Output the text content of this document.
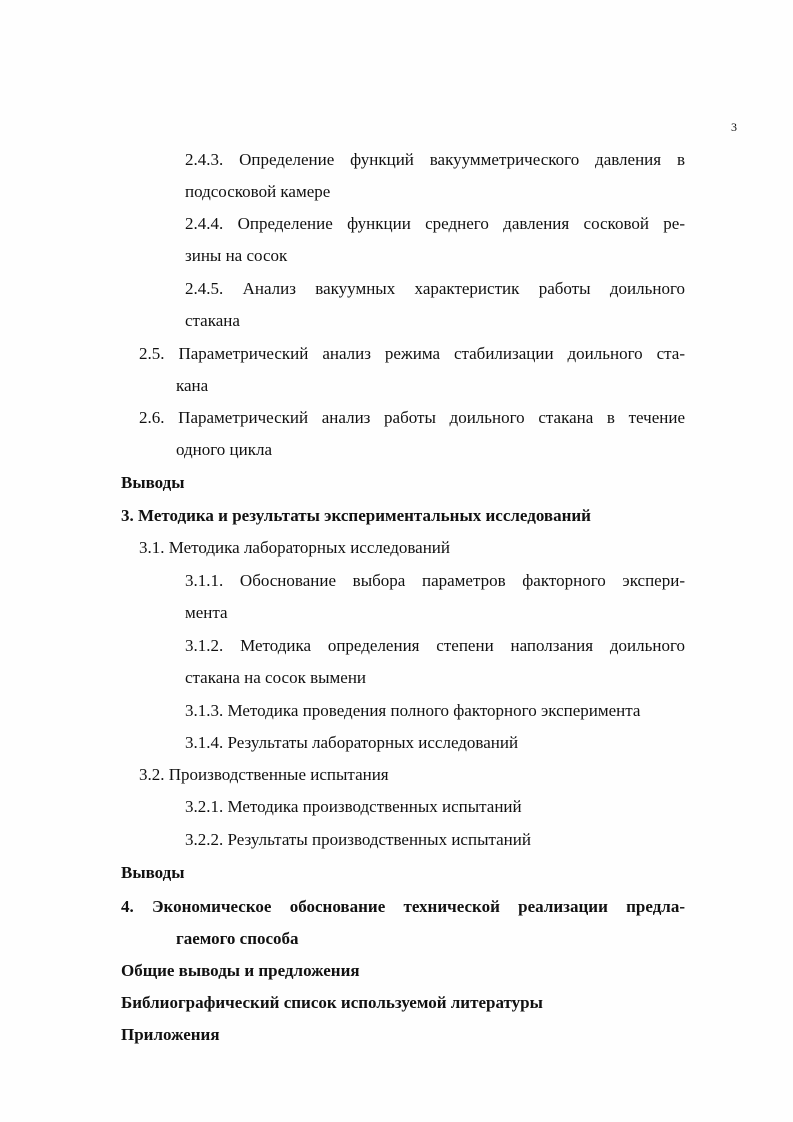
3
2.4.3. Определение функций вакуумметрического давления в
подсосковой камере
2.4.4. Определение функции среднего давления сосковой ре-
зины на сосок
2.4.5. Анализ вакуумных характеристик работы доильного
стакана
2.5. Параметрический анализ режима стабилизации доильного ста-
кана
2.6. Параметрический анализ работы доильного стакана в течение
одного цикла
Выводы
3. Методика и результаты экспериментальных исследований
3.1. Методика лабораторных исследований
3.1.1. Обоснование выбора параметров факторного экспери-
мента
3.1.2. Методика определения степени наползания доильного
стакана на сосок вымени
3.1.3. Методика проведения полного факторного эксперимента
3.1.4. Результаты лабораторных исследований
3.2. Производственные испытания
3.2.1. Методика производственных испытаний
3.2.2. Результаты производственных испытаний
Выводы
4. Экономическое обоснование технической реализации предла-
гаемого способа
Общие выводы и предложения
Библиографический список используемой литературы
Приложения
